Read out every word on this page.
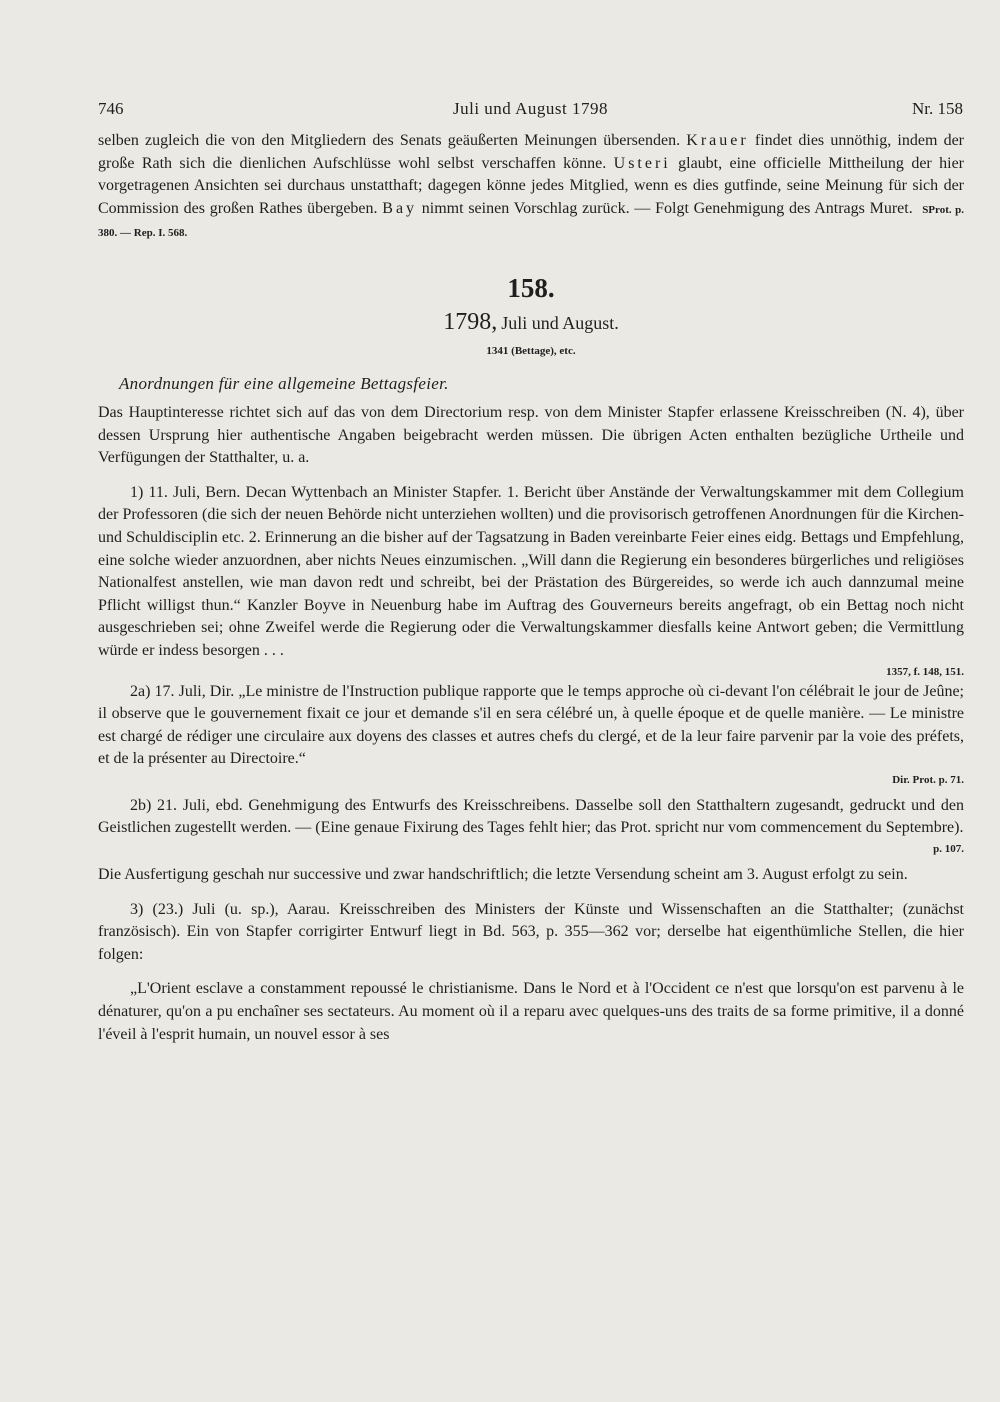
746	Juli und August 1798	Nr. 158

selben zugleich die von den Mitgliedern des Senats geäußerten Meinungen übersenden. Krauer findet dies unnöthig, indem der große Rath sich die dienlichen Aufschlüsse wohl selbst verschaffen könne. Usteri glaubt, eine officielle Mittheilung der hier vorgetragenen Ansichten sei durchaus unstatthaft; dagegen könne jedes Mitglied, wenn es dies gutfinde, seine Meinung für sich der Commission des großen Rathes übergeben. Bay nimmt seinen Vorschlag zurück. — Folgt Genehmigung des Antrags Muret. SProt. p. 380. — Rep. I. 568.

158.
1798, Juli und August.
1341 (Bettage), etc.
Anordnungen für eine allgemeine Bettagsfeier.

Das Hauptinteresse richtet sich auf das von dem Directorium resp. von dem Minister Stapfer erlassene Kreisschreiben (N. 4), über dessen Ursprung hier authentische Angaben beigebracht werden müssen. Die übrigen Acten enthalten bezügliche Urtheile und Verfügungen der Statthalter, u. a.

1) 11. Juli, Bern. Decan Wyttenbach an Minister Stapfer. 1. Bericht über Anstände der Verwaltungskammer mit dem Collegium der Professoren (die sich der neuen Behörde nicht unterziehen wollten) und die provisorisch getroffenen Anordnungen für die Kirchen- und Schuldisciplin etc. 2. Erinnerung an die bisher auf der Tagsatzung in Baden vereinbarte Feier eines eidg. Bettags und Empfehlung, eine solche wieder anzuordnen, aber nichts Neues einzumischen. „Will dann die Regierung ein besonderes bürgerliches und religiöses Nationalfest anstellen, wie man davon redt und schreibt, bei der Prästation des Bürgereides, so werde ich auch dannzumal meine Pflicht willigst thun.“ Kanzler Boyve in Neuenburg habe im Auftrag des Gouverneurs bereits angefragt, ob ein Bettag noch nicht ausgeschrieben sei; ohne Zweifel werde die Regierung oder die Verwaltungskammer diesfalls keine Antwort geben; die Vermittlung würde er indess besorgen . . .

1357, f. 148, 151.

2a) 17. Juli, Dir. „Le ministre de l'Instruction publique rapporte que le temps approche où ci-devant l'on célébrait le jour de Jeûne; il observe que le gouvernement fixait ce jour et demande s'il en sera célébré un, à quelle époque et de quelle manière. — Le ministre est chargé de rédiger une circulaire aux doyens des classes et autres chefs du clergé, et de la leur faire parvenir par la voie des préfets, et de la présenter au Directoire.“

Dir. Prot. p. 71.

2b) 21. Juli, ebd. Genehmigung des Entwurfs des Kreisschreibens. Dasselbe soll den Statthaltern zugesandt, gedruckt und den Geistlichen zugestellt werden. — (Eine genaue Fixirung des Tages fehlt hier; das Prot. spricht nur vom commencement du Septembre).

p. 107.

Die Ausfertigung geschah nur successive und zwar handschriftlich; die letzte Versendung scheint am 3. August erfolgt zu sein.

3) (23.) Juli (u. sp.), Aarau. Kreisschreiben des Ministers der Künste und Wissenschaften an die Statthalter; (zunächst französisch). Ein von Stapfer corrigirter Entwurf liegt in Bd. 563, p. 355—362 vor; derselbe hat eigenthümliche Stellen, die hier folgen:

„L'Orient esclave a constamment repoussé le christianisme. Dans le Nord et à l'Occident ce n'est que lorsqu'on est parvenu à le dénaturer, qu'on a pu enchaîner ses sectateurs. Au moment où il a reparu avec quelques-uns des traits de sa forme primitive, il a donné l'éveil à l'esprit humain, un nouvel essor à ses
